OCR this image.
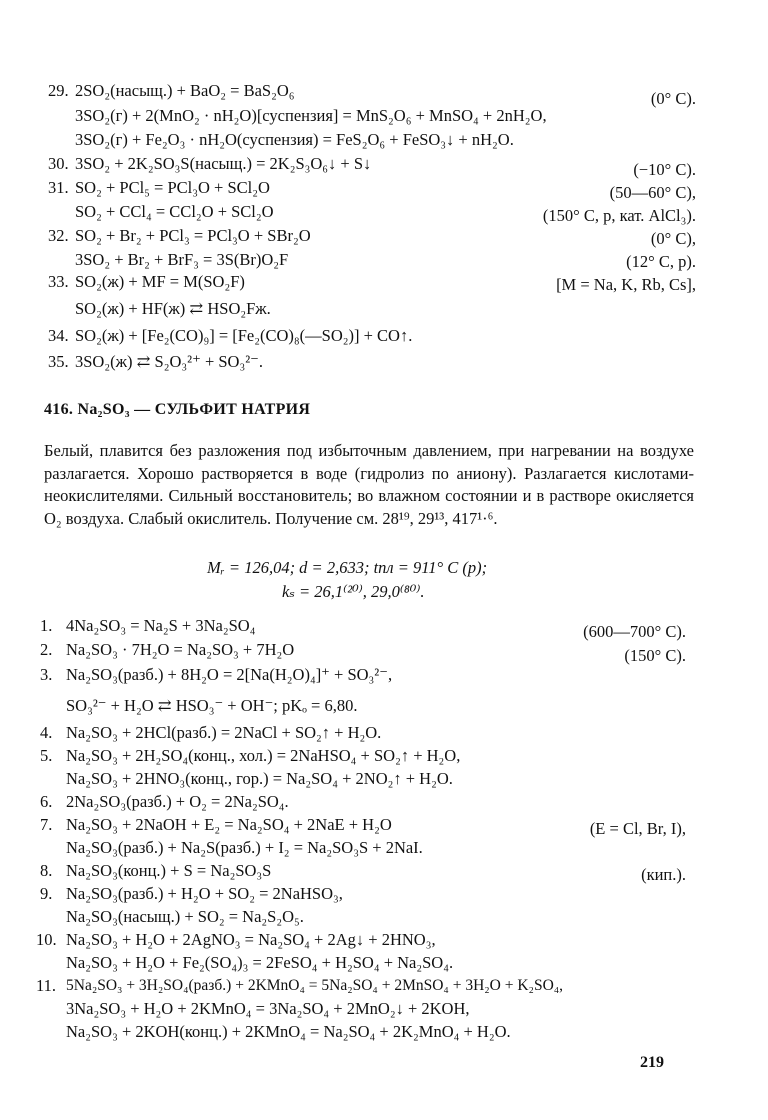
29. 2SO₂(насыщ.) + BaO₂ = BaS₂O₆	(0° C).
3SO₂(г) + 2(MnO₂ · nH₂O)[суспензия] = MnS₂O₆ + MnSO₄ + 2nH₂O,
3SO₂(г) + Fe₂O₃ · nH₂O(суспензия) = FeS₂O₆ + FeSO₃↓ + nH₂O.
30. 3SO₂ + 2K₂SO₃S(насыщ.) = 2K₂S₃O₆↓ + S↓	(−10° C).
31. SO₂ + PCl₅ = PCl₃O + SCl₂O	(50—60° C),
SO₂ + CCl₄ = CCl₂O + SCl₂O	(150° C, p, кат. AlCl₃).
32. SO₂ + Br₂ + PCl₃ = PCl₃O + SBr₂O	(0° C),
3SO₂ + Br₂ + BrF₃ = 3S(Br)O₂F	(12° C, p).
33. SO₂(ж) + MF = M(SO₂F)	[M = Na, K, Rb, Cs],
SO₂(ж) + HF(ж) ⇄ HSO₂Fж.
34. SO₂(ж) + [Fe₂(CO)₉] = [Fe₂(CO)₈(—SO₂)] + CO↑.
35. 3SO₂(ж) ⇄ S₂O₃²⁺ + SO₃²⁻.
416. Na₂SO₃ — СУЛЬФИТ НАТРИЯ
Белый, плавится без разложения под избыточным давлением, при нагревании на воздухе разлагается. Хорошо растворяется в воде (гидролиз по аниону). Разлагается кислотами-неокислителями. Сильный восстановитель; во влажном состоянии и в растворе окисляется O₂ воздуха. Слабый окислитель. Получение см. 28¹⁹, 29¹³, 417¹·⁶.
Mᵣ = 126,04; d = 2,633; tпл = 911° C (p);
kₛ = 26,1⁽²⁰⁾, 29,0⁽⁸⁰⁾.
1. 4Na₂SO₃ = Na₂S + 3Na₂SO₄	(600—700° C).
2. Na₂SO₃ · 7H₂O = Na₂SO₃ + 7H₂O	(150° C).
3. Na₂SO₃(разб.) + 8H₂O = 2[Na(H₂O)₄]⁺ + SO₃²⁻,
SO₃²⁻ + H₂O ⇄ HSO₃⁻ + OH⁻; pKₒ = 6,80.
4. Na₂SO₃ + 2HCl(разб.) = 2NaCl + SO₂↑ + H₂O.
5. Na₂SO₃ + 2H₂SO₄(конц., хол.) = 2NaHSO₄ + SO₂↑ + H₂O,
Na₂SO₃ + 2HNO₃(конц., гор.) = Na₂SO₄ + 2NO₂↑ + H₂O.
6. 2Na₂SO₃(разб.) + O₂ = 2Na₂SO₄.
7. Na₂SO₃ + 2NaOH + E₂ = Na₂SO₄ + 2NaE + H₂O	(E = Cl, Br, I),
Na₂SO₃(разб.) + Na₂S(разб.) + I₂ = Na₂SO₃S + 2NaI.
8. Na₂SO₃(конц.) + S = Na₂SO₃S	(кип.).
9. Na₂SO₃(разб.) + H₂O + SO₂ = 2NaHSO₃,
Na₂SO₃(насыщ.) + SO₂ = Na₂S₂O₅.
10. Na₂SO₃ + H₂O + 2AgNO₃ = Na₂SO₄ + 2Ag↓ + 2HNO₃,
Na₂SO₃ + H₂O + Fe₂(SO₄)₃ = 2FeSO₄ + H₂SO₄ + Na₂SO₄.
11. 5Na₂SO₃ + 3H₂SO₄(разб.) + 2KMnO₄ = 5Na₂SO₄ + 2MnSO₄ + 3H₂O + K₂SO₄,
3Na₂SO₃ + H₂O + 2KMnO₄ = 3Na₂SO₄ + 2MnO₂↓ + 2KOH,
Na₂SO₃ + 2KOH(конц.) + 2KMnO₄ = Na₂SO₄ + 2K₂MnO₄ + H₂O.
219
